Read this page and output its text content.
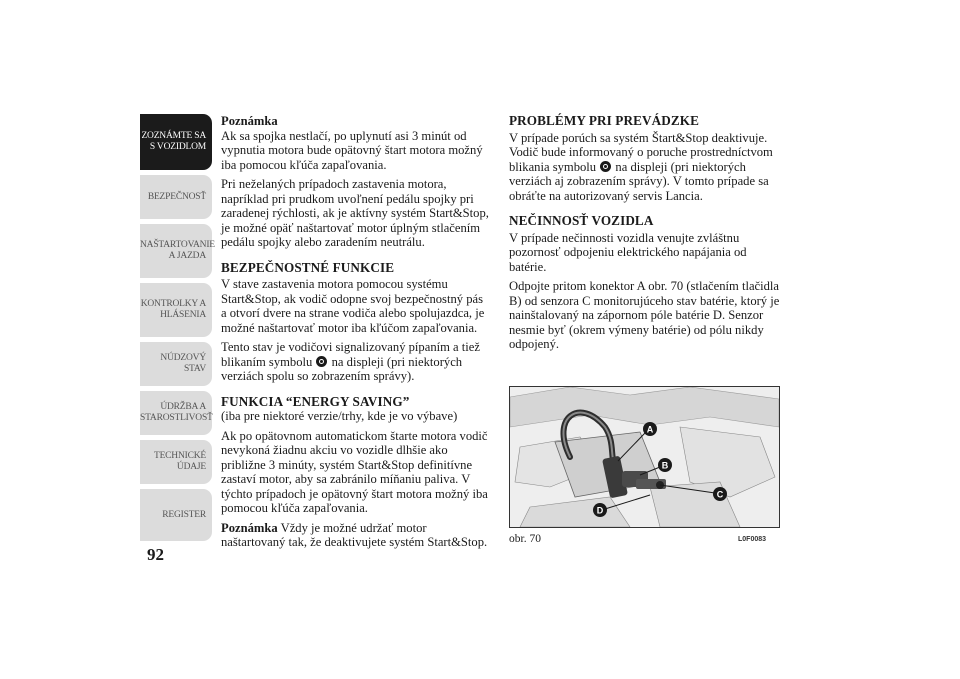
ZOZNÁMTE SA S VOZIDLOM
BEZPEČNOSŤ
NAŠTARTOVANIE A JAZDA
KONTROLKY A HLÁSENIA
NÚDZOVÝ STAV
ÚDRŽBA A STAROSTLIVOSŤ
TECHNICKÉ ÚDAJE
REGISTER
92
Poznámka

Ak sa spojka nestlačí, po uplynutí asi 3 minút od vypnutia motora bude opätovný štart motora možný iba pomocou kľúča zapaľovania.

Pri neželaných prípadoch zastavenia motora, napríklad pri prudkom uvoľnení pedálu spojky pri zaradenej rýchlosti, ak je aktívny systém Start&Stop, je možné opäť naštartovať motor úplným stlačením pedálu spojky alebo zaradením neutrálu.

BEZPEČNOSTNÉ FUNKCIE

V stave zastavenia motora pomocou systému Start&Stop, ak vodič odopne svoj bezpečnostný pás a otvorí dvere na strane vodiča alebo spolujazdca, je možné naštartovať motor iba kľúčom zapaľovania.

Tento stav je vodičovi signalizovaný pípaním a tiež blikaním symbolu na displeji (pri niektorých verziách spolu so zobrazením správy).

FUNKCIA “ENERGY SAVING”

(iba pre niektoré verzie/trhy, kde je vo výbave)

Ak po opätovnom automatickom štarte motora vodič nevykoná žiadnu akciu vo vozidle dlhšie ako približne 3 minúty, systém Start&Stop definitívne zastaví motor, aby sa zabránilo míňaniu paliva. V týchto prípadoch je opätovný štart motora možný iba pomocou kľúča zapaľovania.

Poznámka Vždy je možné udržať motor naštartovaný tak, že deaktivujete systém Start&Stop.

PROBLÉMY PRI PREVÁDZKE

V prípade porúch sa systém Štart&Stop deaktivuje. Vodič bude informovaný o poruche prostredníctvom blikania symbolu na displeji (pri niektorých verziách aj zobrazením správy). V tomto prípade sa obráťte na autorizovaný servis Lancia.

NEČINNOSŤ VOZIDLA

V prípade nečinnosti vozidla venujte zvláštnu pozornosť odpojeniu elektrického napájania od batérie.

Odpojte pritom konektor A obr. 70 (stlačením tlačidla B) od senzora C monitorujúceho stav batérie, ktorý je nainštalovaný na zápornom póle batérie D. Senzor nesmie byť (okrem výmeny batérie) od pólu nikdy odpojený.

A
B
C
D
obr. 70	L0F0083
